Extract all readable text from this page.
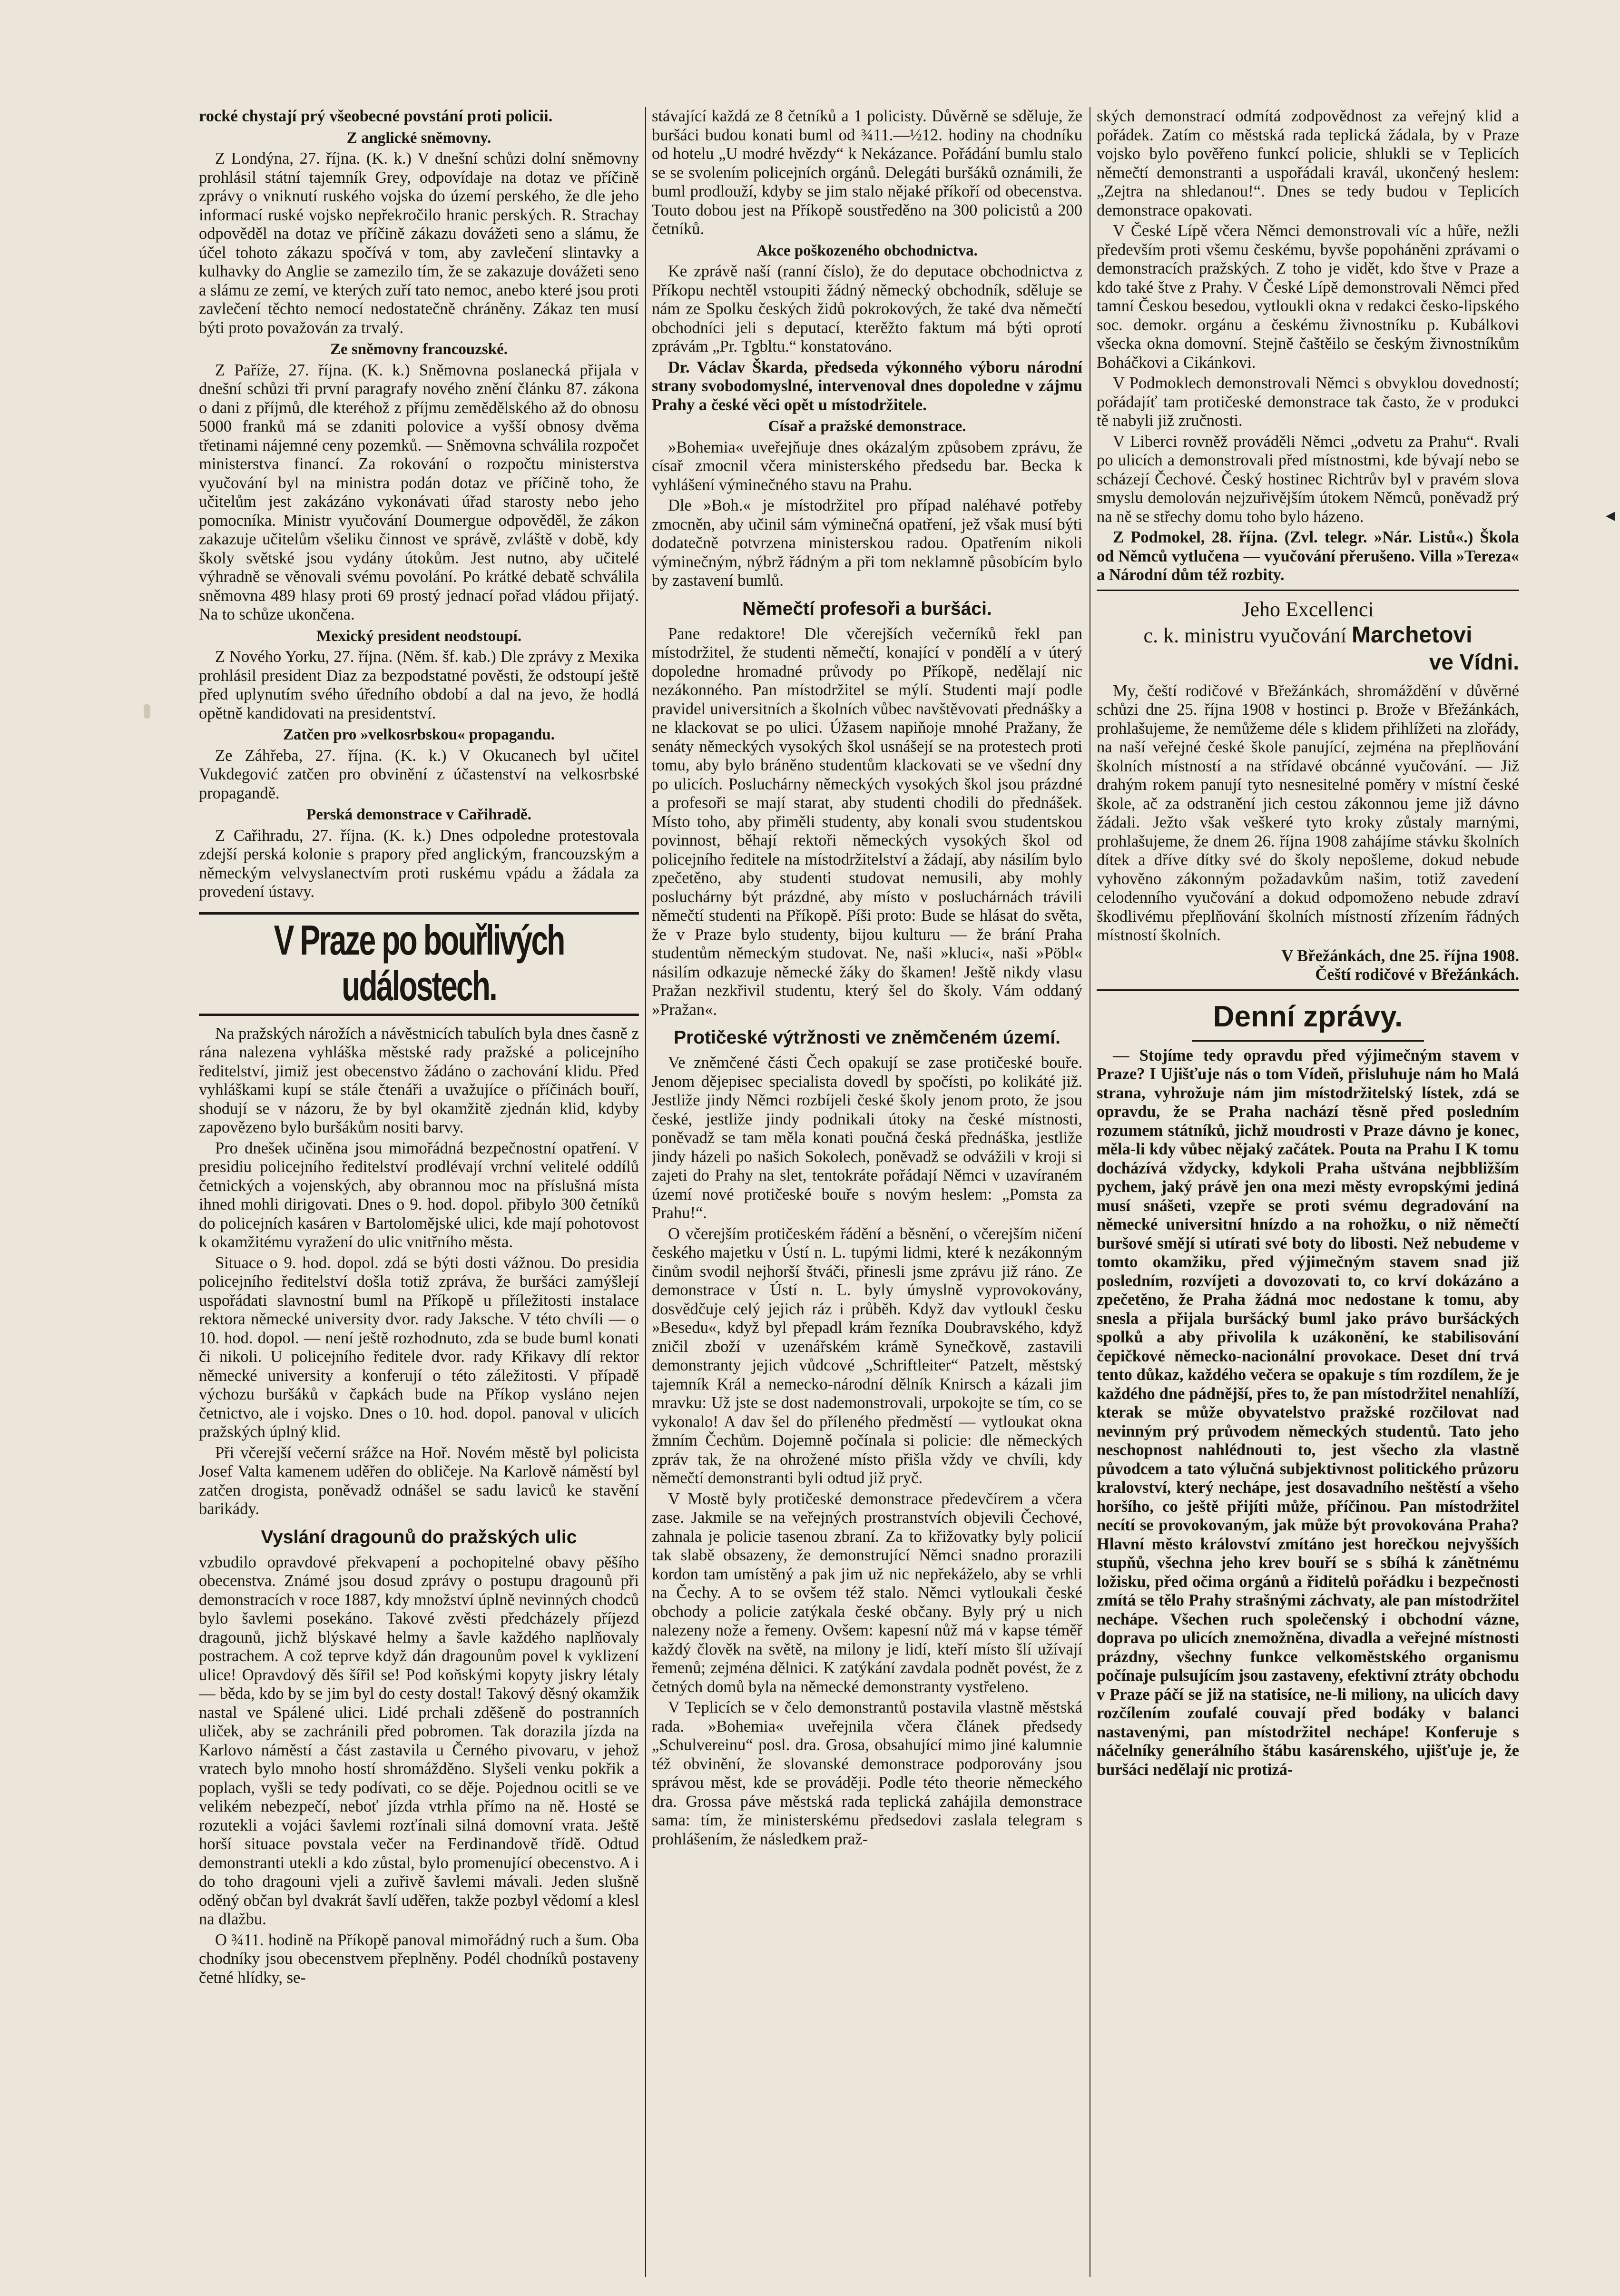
◂

rocké chystají prý všeobecné povstání proti policii.

Z anglické sněmovny.

Z Londýna, 27. října. (K. k.) V dnešní schůzi dolní sněmovny prohlásil státní tajemník Grey, odpovídaje na dotaz ve příčině zprávy o vniknutí ruského vojska do území perského, že dle jeho informací ruské vojsko nepřekročilo hranic perských. R. Strachay odpověděl na dotaz ve příčině zákazu dovážeti seno a slámu, že účel tohoto zákazu spočívá v tom, aby zavlečení slintavky a kulhavky do Anglie se zamezilo tím, že se zakazuje dovážeti seno a slámu ze zemí, ve kterých zuří tato nemoc, anebo které jsou proti zavlečení těchto nemocí nedostatečně chráněny. Zákaz ten musí býti proto považován za trvalý.

Ze sněmovny francouzské.

Z Paříže, 27. října. (K. k.) Sněmovna poslanecká přijala v dnešní schůzi tři první paragrafy nového znění článku 87. zákona o dani z příjmů, dle kteréhož z příjmu zemědělského až do obnosu 5000 franků má se zdaniti polovice a vyšší obnosy dvěma třetinami nájemné ceny pozemků. — Sněmovna schválila rozpočet ministerstva financí. Za rokování o rozpočtu ministerstva vyučování byl na ministra podán dotaz ve příčině toho, že učitelům jest zakázáno vykonávati úřad starosty nebo jeho pomocníka. Ministr vyučování Doumergue odpověděl, že zákon zakazuje učitelům všeliku činnost ve správě, zvláště v době, kdy školy světské jsou vydány útokům. Jest nutno, aby učitelé výhradně se věnovali svému povolání. Po krátké debatě schválila sněmovna 489 hlasy proti 69 prostý jednací pořad vládou přijatý. Na to schůze ukončena.

Mexický president neodstoupí.

Z Nového Yorku, 27. října. (Něm. šf. kab.) Dle zprávy z Mexika prohlásil president Diaz za bezpodstatné pověsti, že odstoupí ještě před uplynutím svého úředního období a dal na jevo, že hodlá opětně kandidovati na presidentství.

Zatčen pro »velkosrbskou« propagandu.

Ze Záhřeba, 27. října. (K. k.) V Okucanech byl učitel Vukdegović zatčen pro obvinění z účastenství na velkosrbské propagandě.

Perská demonstrace v Cařihradě.

Z Cařihradu, 27. října. (K. k.) Dnes odpoledne protestovala zdejší perská kolonie s prapory před anglickým, francouzským a německým velvyslanectvím proti ruskému vpádu a žádala za provedení ústavy.

V Praze po bouřlivých událostech.

Na pražských nárožích a návěstnicích tabulích byla dnes časně z rána nalezena vyhláška městské rady pražské a policejního ředitelství, jimiž jest obecenstvo žádáno o zachování klidu. Před vyhláškami kupí se stále čtenáři a uvažujíce o příčinách bouří, shodují se v názoru, že by byl okamžitě zjednán klid, kdyby zapovězeno bylo buršákům nositi barvy.

Pro dnešek učiněna jsou mimořádná bezpečnostní opatření. V presidiu policejního ředitelství prodlévají vrchní velitelé oddílů četnických a vojenských, aby obrannou moc na příslušná místa ihned mohli dirigovati. Dnes o 9. hod. dopol. přibylo 300 četníků do policejních kasáren v Bartolomějské ulici, kde mají pohotovost k okamžitému vyražení do ulic vnitřního města.

Situace o 9. hod. dopol. zdá se býti dosti vážnou. Do presidia policejního ředitelství došla totiž zpráva, že buršáci zamýšlejí uspořádati slavnostní buml na Příkopě u příležitosti instalace rektora německé university dvor. rady Jaksche. V této chvíli — o 10. hod. dopol. — není ještě rozhodnuto, zda se bude buml konati či nikoli. U policejního ředitele dvor. rady Křikavy dlí rektor německé university a konferují o této záležitosti. V případě výchozu buršáků v čapkách bude na Příkop vysláno nejen četnictvo, ale i vojsko. Dnes o 10. hod. dopol. panoval v ulicích pražských úplný klid.

Při včerejší večerní srážce na Hoř. Novém městě byl policista Josef Valta kamenem uděřen do obličeje. Na Karlově náměstí byl zatčen drogista, poněvadž odnášel se sadu laviců ke stavění barikády.

Vyslání dragounů do pražských ulic

vzbudilo opravdové překvapení a pochopitelné obavy pěšího obecenstva. Známé jsou dosud zprávy o postupu dragounů při demonstracích v roce 1887, kdy množství úplně nevinných chodců bylo šavlemi posekáno. Takové zvěsti předcházely příjezd dragounů, jichž blýskavé helmy a šavle každého naplňovaly postrachem. A což teprve když dán dragounům povel k vyklizení ulice! Opravdový děs šířil se! Pod koňskými kopyty jiskry létaly — běda, kdo by se jim byl do cesty dostal! Takový děsný okamžik nastal ve Spálené ulici. Lidé prchali zděšeně do postranních uliček, aby se zachránili před pobromen. Tak dorazila jízda na Karlovo náměstí a část zastavila u Černého pivovaru, v jehož vratech bylo mnoho hostí shromážděno. Slyšeli venku pokřik a poplach, vyšli se tedy podívati, co se děje. Pojednou ocitli se ve velikém nebezpečí, neboť jízda vtrhla přímo na ně. Hosté se rozutekli a vojáci šavlemi rozťínali silná domovní vrata. Ještě horší situace povstala večer na Ferdinandově třídě. Odtud demonstranti utekli a kdo zůstal, bylo promenující obecenstvo. A i do toho dragouni vjeli a zuřivě šavlemi mávali. Jeden slušně oděný občan byl dvakrát šavlí uděřen, takže pozbyl vědomí a klesl na dlažbu.

O ¾11. hodině na Příkopě panoval mimořádný ruch a šum. Oba chodníky jsou obecenstvem přeplněny. Podél chodníků postaveny četné hlídky, se-

stávající každá ze 8 četníků a 1 policisty. Důvěrně se sděluje, že buršáci budou konati buml od ¾11.—½12. hodiny na chodníku od hotelu „U modré hvězdy“ k Nekázance. Pořádání bumlu stalo se se svolením policejních orgánů. Delegáti buršáků oznámili, že buml prodlouží, kdyby se jim stalo nějaké příkoří od obecenstva. Touto dobou jest na Příkopě soustředěno na 300 policistů a 200 četníků.

Akce poškozeného obchodnictva.

Ke zprávě naší (ranní číslo), že do deputace obchodnictva z Příkopu nechtěl vstoupiti žádný německý obchodník, sděluje se nám ze Spolku českých židů pokrokových, že také dva němečtí obchodníci jeli s deputací, kterěžto faktum má býti oprotí zprávám „Pr. Tgbltu.“ konstatováno.

Dr. Václav Škarda, předseda výkonného výboru národní strany svobodomyslné, intervenoval dnes dopoledne v zájmu Prahy a české věci opět u místodržitele.

Císař a pražské demonstrace.

»Bohemia« uveřejňuje dnes okázalým způsobem zprávu, že císař zmocnil včera ministerského předsedu bar. Becka k vyhlášení výminečného stavu na Prahu.

Dle »Boh.« je místodržitel pro případ naléhavé potřeby zmocněn, aby učinil sám výminečná opatření, jež však musí býti dodatečně potvrzena ministerskou radou. Opatřením nikoli výminečným, nýbrž řádným a při tom neklamně působícím bylo by zastavení bumlů.

Němečtí profesoři a buršáci.

Pane redaktore! Dle včerejších večerníků řekl pan místodržitel, že studenti němečtí, konající v pondělí a v úterý dopoledne hromadné průvody po Příkopě, nedělají nic nezákonného. Pan místodržitel se mýlí. Studenti mají podle pravidel universitních a školních vůbec navštěvovati přednášky a ne klackovat se po ulici. Úžasem napiňoje mnohé Pražany, že senáty německých vysokých škol usnášejí se na protestech proti tomu, aby bylo bráněno studentům klackovati se ve všední dny po ulicích. Posluchárny německých vysokých škol jsou prázdné a profesoři se mají starat, aby studenti chodili do přednášek. Místo toho, aby přiměli studenty, aby konali svou studentskou povinnost, běhají rektoři německých vysokých škol od policejního ředitele na místodržitelství a žádají, aby násilím bylo zpečetěno, aby studenti studovat nemusili, aby mohly posluchárny být prázdné, aby místo v posluchárnách trávili němečtí studenti na Příkopě. Píši proto: Bude se hlásat do světa, že v Praze bylo studenty, bijou kulturu — že brání Praha studentům německým studovat. Ne, naši »kluci«, naši »Pöbl« násilím odkazuje německé žáky do škamen! Ještě nikdy vlasu Pražan nezkřivil studentu, který šel do školy. Vám oddaný »Pražan«.

Protičeské výtržnosti ve zněmčeném území.

Ve zněmčené části Čech opakují se zase protičeské bouře. Jenom dějepisec specialista dovedl by spočísti, po kolikáté již. Jestliže jindy Němci rozbíjeli české školy jenom proto, že jsou české, jestliže jindy podnikali útoky na české místnosti, poněvadž se tam měla konati poučná česká přednáška, jestliže jindy házeli po našich Sokolech, poněvadž se odvážili v kroji si zajeti do Prahy na slet, tentokráte pořádají Němci v uzavíraném území nové protičeské bouře s novým heslem: „Pomsta za Prahu!“.

O včerejším protičeském řádění a běsnění, o včerejším ničení českého majetku v Ústí n. L. tupými lidmi, které k nezákonným činům svodil nejhorší štváči, přinesli jsme zprávu již ráno. Ze demonstrace v Ústí n. L. byly úmyslně vyprovokovány, dosvědčuje celý jejich ráz i průběh. Když dav vytloukl česku »Besedu«, když byl přepadl krám řezníka Doubravského, když zničil zboží v uzenářském krámě Synečkově, zastavili demonstranty jejich vůdcové „Schriftleiter“ Patzelt, městský tajemník Král a nemecko-národní dělník Knirsch a kázali jim mravku: Už jste se dost nademonstrovali, urpokojte se tím, co se vykonalo! A dav šel do příleného předměstí — vytloukat okna žmním Čechům. Dojemně počínala si policie: dle německých zpráv tak, že na ohrožené místo přišla vždy ve chvíli, kdy němečtí demonstranti byli odtud již pryč.

V Mostě byly protičeské demonstrace předevčírem a včera zase. Jakmile se na veřejných prostranstvích objevili Čechové, zahnala je policie tasenou zbraní. Za to křižovatky byly policií tak slabě obsazeny, že demonstrující Němci snadno prorazili kordon tam umístěný a pak jim už nic nepřekáželo, aby se vrhli na Čechy. A to se ovšem též stalo. Němci vytloukali české obchody a policie zatýkala české občany. Byly prý u nich nalezeny nože a řemeny. Ovšem: kapesní nůž má v kapse téměř každý člověk na světě, na milony je lidí, kteří místo šlí užívají řemenů; zejména dělnici. K zatýkání zavdala podnět povést, že z četných domů byla na německé demonstranty vystřeleno.

V Teplicích se v čelo demonstrantů postavila vlastně městská rada. »Bohemia« uveřejnila včera článek předsedy „Schulvereinu“ posl. dra. Grosa, obsahující mimo jiné kalumnie též obvinění, že slovanské demonstrace podporovány jsou správou měst, kde se prováději. Podle této theorie německého dra. Grossa páve městská rada teplická zahájila demonstrace sama: tím, že ministerskému předsedovi zaslala telegram s prohlášením, že následkem praž-

ských demonstrací odmítá zodpovědnost za veřejný klid a pořádek. Zatím co městská rada teplická žádala, by v Praze vojsko bylo pověřeno funkcí policie, shlukli se v Teplicích němečtí demonstranti a uspořádali kravál, ukončený heslem: „Zejtra na shledanou!“. Dnes se tedy budou v Teplicích demonstrace opakovati.

V České Lípě včera Němci demonstrovali víc a hůře, nežli především proti všemu českému, byvše popoháněni zprávami o demonstracích pražských. Z toho je vidět, kdo štve v Praze a kdo také štve z Prahy. V České Lípě demonstrovali Němci před tamní Českou besedou, vytloukli okna v redakci česko-lipského soc. demokr. orgánu a českému živnostníku p. Kubálkovi všecka okna domovní. Stejně čaštěilo se českým živnostníkům Boháčkovi a Cikánkovi.

V Podmoklech demonstrovali Němci s obvyklou dovedností; pořádajíť tam protičeské demonstrace tak často, že v produkci tě nabyli již zručnosti.

V Liberci rovněž prováděli Němci „odvetu za Prahu“. Rvali po ulicích a demonstrovali před místnostmi, kde bývají nebo se scházejí Čechové. Český hostinec Richtrův byl v pravém slova smyslu demolován nejzuřivějším útokem Němců, poněvadž prý na ně se střechy domu toho bylo házeno.

Z Podmokel, 28. října. (Zvl. telegr. »Nár. Listů«.) Škola od Němců vytlučena — vyučování přerušeno. Villa »Tereza« a Národní dům též rozbity.

Jeho Excellenci
c. k. ministru vyučování Marchetovi
ve Vídni.

My, čeští rodičové v Břežánkách, shromáždění v důvěrné schůzi dne 25. října 1908 v hostinci p. Brože v Břežánkách, prohlašujeme, že nemůžeme déle s klidem přihlížeti na zlořády, na naší veřejné české škole panující, zejména na přeplňování školních místností a na střídavé obcánné vyučování. — Již drahým rokem panují tyto nesnesitelné poměry v místní české škole, ač za odstranění jich cestou zákonnou jeme již dávno žádali. Ježto však veškeré tyto kroky zůstaly marnými, prohlašujeme, že dnem 26. října 1908 zahájíme stávku školních dítek a dříve dítky své do školy nepošleme, dokud nebude vyhověno zákonným požadavkům našim, totiž zavedení celodenního vyučování a dokud odpomoženo nebude zdraví škodlivému přeplňování školních místností zřízením řádných místností školních.

V Břežánkách, dne 25. října 1908.
Čeští rodičové v Břežánkách.
Denní zprávy.

— Stojíme tedy opravdu před výjimečným stavem v Praze? I Ujišťuje nás o tom Vídeň, přisluhuje nám ho Malá strana, vyhrožuje nám jim místodržitelský lístek, zdá se opravdu, že se Praha nachází těsně před posledním rozumem státníků, jichž moudrosti v Praze dávno je konec, měla-li kdy vůbec nějaký začátek. Pouta na Prahu I K tomu docházívá vždycky, kdykoli Praha uštvána nejbbližším pychem, jaký právě jen ona mezi městy evropskými jediná musí snášeti, vzepře se proti svému degradování na německé universitní hnízdo a na rohožku, o niž němečtí buršové smějí si utírati své boty do libosti. Než nebudeme v tomto okamžiku, před výjimečným stavem snad již posledním, rozvíjeti a dovozovati to, co krví dokázáno a zpečetěno, že Praha žádná moc nedostane k tomu, aby snesla a přijala buršácký buml jako právo buršáckých spolků a aby přivolila k uzákonění, ke stabilisování čepičkové německo-nacionální provokace. Deset dní trvá tento důkaz, každého večera se opakuje s tím rozdílem, že je každého dne pádnější, přes to, že pan místodržitel nenahlíží, kterak se může obyvatelstvo pražské rozčilovat nad nevinným prý průvodem německých studentů. Tato jeho neschopnost nahlédnouti to, jest všecho zla vlastně původcem a tato výlučná subjektivnost politického průzoru kralovství, který nechápe, jest dosavadního neštěstí a všeho horšího, co ještě přijíti může, příčinou. Pan místodržitel necítí se provokovaným, jak může být provokována Praha? Hlavní město království zmítáno jest horečkou nejvyšších stupňů, všechna jeho krev bouří se s sbíhá k zánětnému ložisku, před očima orgánů a řiditelů pořádku i bezpečnosti zmítá se tělo Prahy strašnými záchvaty, ale pan místodržitel nechápe. Všechen ruch společenský i obchodní vázne, doprava po ulicích znemožněna, divadla a veřejné místnosti prázdny, všechny funkce velkoměstského organismu počínaje pulsujícím jsou zastaveny, efektivní ztráty obchodu v Praze páčí se již na statisíce, ne-li miliony, na ulicích davy rozčílením zoufalé couvají před bodáky v balanci nastavenými, pan místodržitel nechápe! Konferuje s náčelníky generálního štábu kasárenského, ujišťuje je, že buršáci nedělají nic protizá-
